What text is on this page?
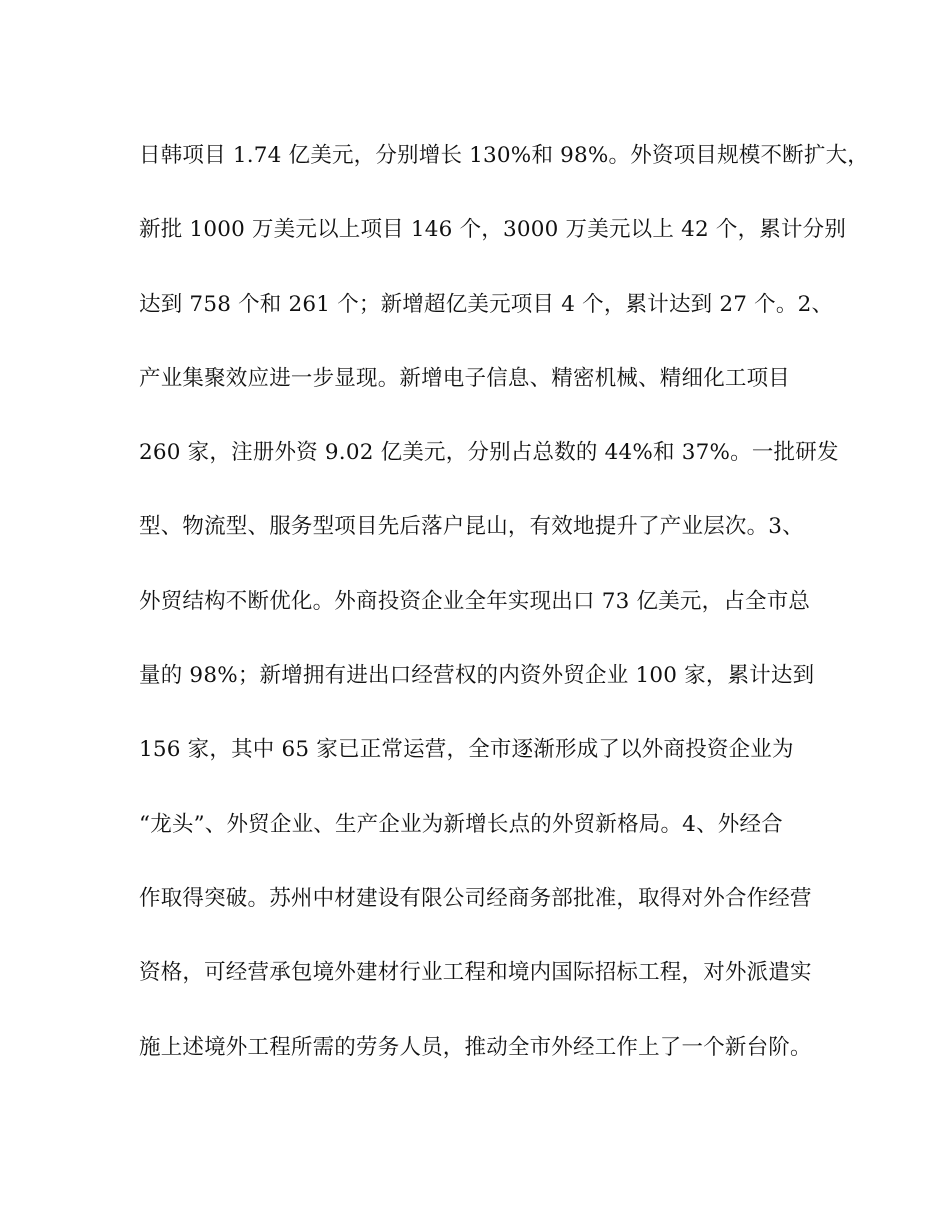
日韩项目 1.74 亿美元，分别增长 130%和 98%。外资项目规模不断扩大，
新批 1000 万美元以上项目 146 个，3000 万美元以上 42 个，累计分别
达到 758 个和 261 个；新增超亿美元项目 4 个，累计达到 27 个。2、
产业集聚效应进一步显现。新增电子信息、精密机械、精细化工项目
260 家，注册外资 9.02 亿美元，分别占总数的 44%和 37%。一批研发
型、物流型、服务型项目先后落户昆山，有效地提升了产业层次。3、
外贸结构不断优化。外商投资企业全年实现出口 73 亿美元，占全市总
量的 98%；新增拥有进出口经营权的内资外贸企业 100 家，累计达到
156 家，其中 65 家已正常运营，全市逐渐形成了以外商投资企业为
“龙头”、外贸企业、生产企业为新增长点的外贸新格局。4、外经合
作取得突破。苏州中材建设有限公司经商务部批准，取得对外合作经营
资格，可经营承包境外建材行业工程和境内国际招标工程，对外派遣实
施上述境外工程所需的劳务人员，推动全市外经工作上了一个新台阶。
